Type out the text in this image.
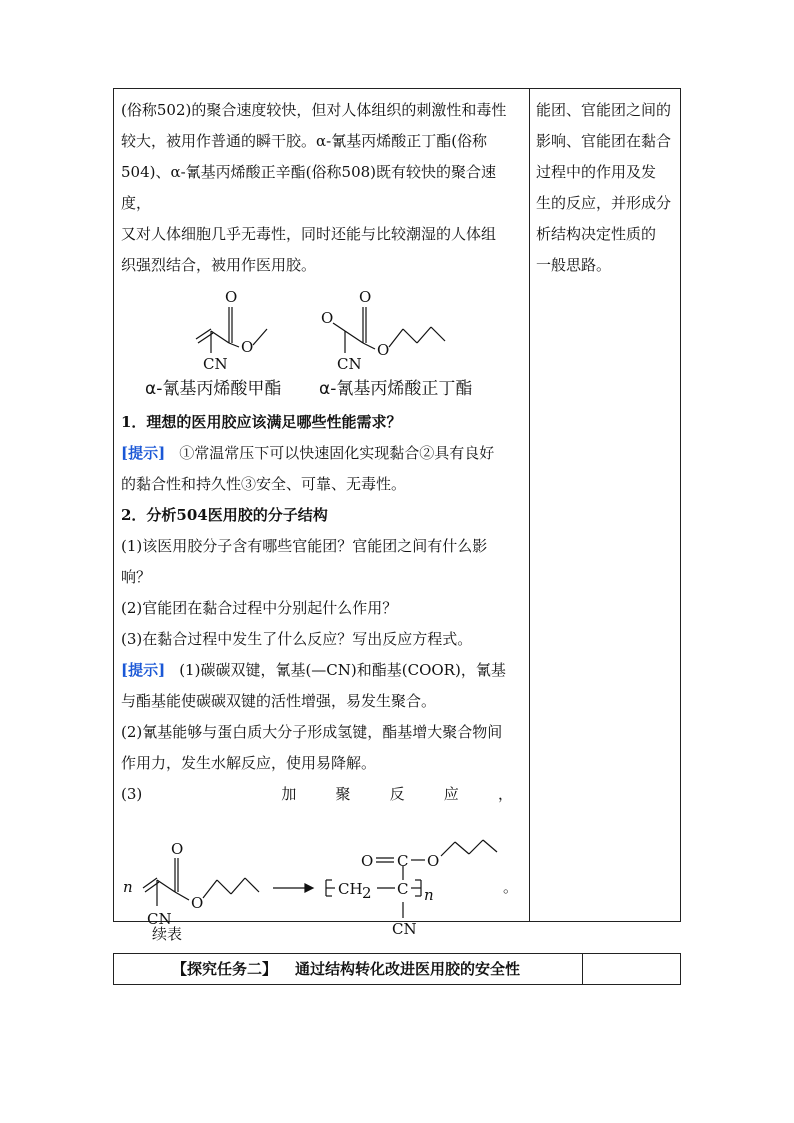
(俗称502)的聚合速度较快，但对人体组织的刺激性和毒性

较大，被用作普通的瞬干胶。α-氰基丙烯酸正丁酯(俗称

504)、α-氰基丙烯酸正辛酯(俗称508)既有较快的聚合速度，

又对人体细胞几乎无毒性，同时还能与比较潮湿的人体组

织强烈结合，被用作医用胶。

O
O
CN
O
O
O
CN
α-氰基丙烯酸甲酯 α-氰基丙烯酸正丁酯

1．理想的医用胶应该满足哪些性能需求？

[提示] ①常温常压下可以快速固化实现黏合②具有良好

的黏合性和持久性③安全、可靠、无毒性。

2．分析504医用胶的分子结构

(1)该医用胶分子含有哪些官能团？官能团之间有什么影

响？

(2)官能团在黏合过程中分别起什么作用？

(3)在黏合过程中发生了什么反应？写出反应方程式。

[提示] (1)碳碳双键，氰基(—CN)和酯基(COOR)，氰基

与酯基能使碳碳双键的活性增强，易发生聚合。

(2)氰基能够与蛋白质大分子形成氢键，酯基增大聚合物间

作用力，发生水解反应，使用易降解。

(3)	加	聚	反	应	，
n
O
O
CN
O C O
CH 2 C n
CN
。

能团、官能团之间的

影响、官能团在黏合

过程中的作用及发

生的反应，并形成分

析结构决定性质的

一般思路。

续表
【探究任务二】 通过结构转化改进医用胶的安全性
